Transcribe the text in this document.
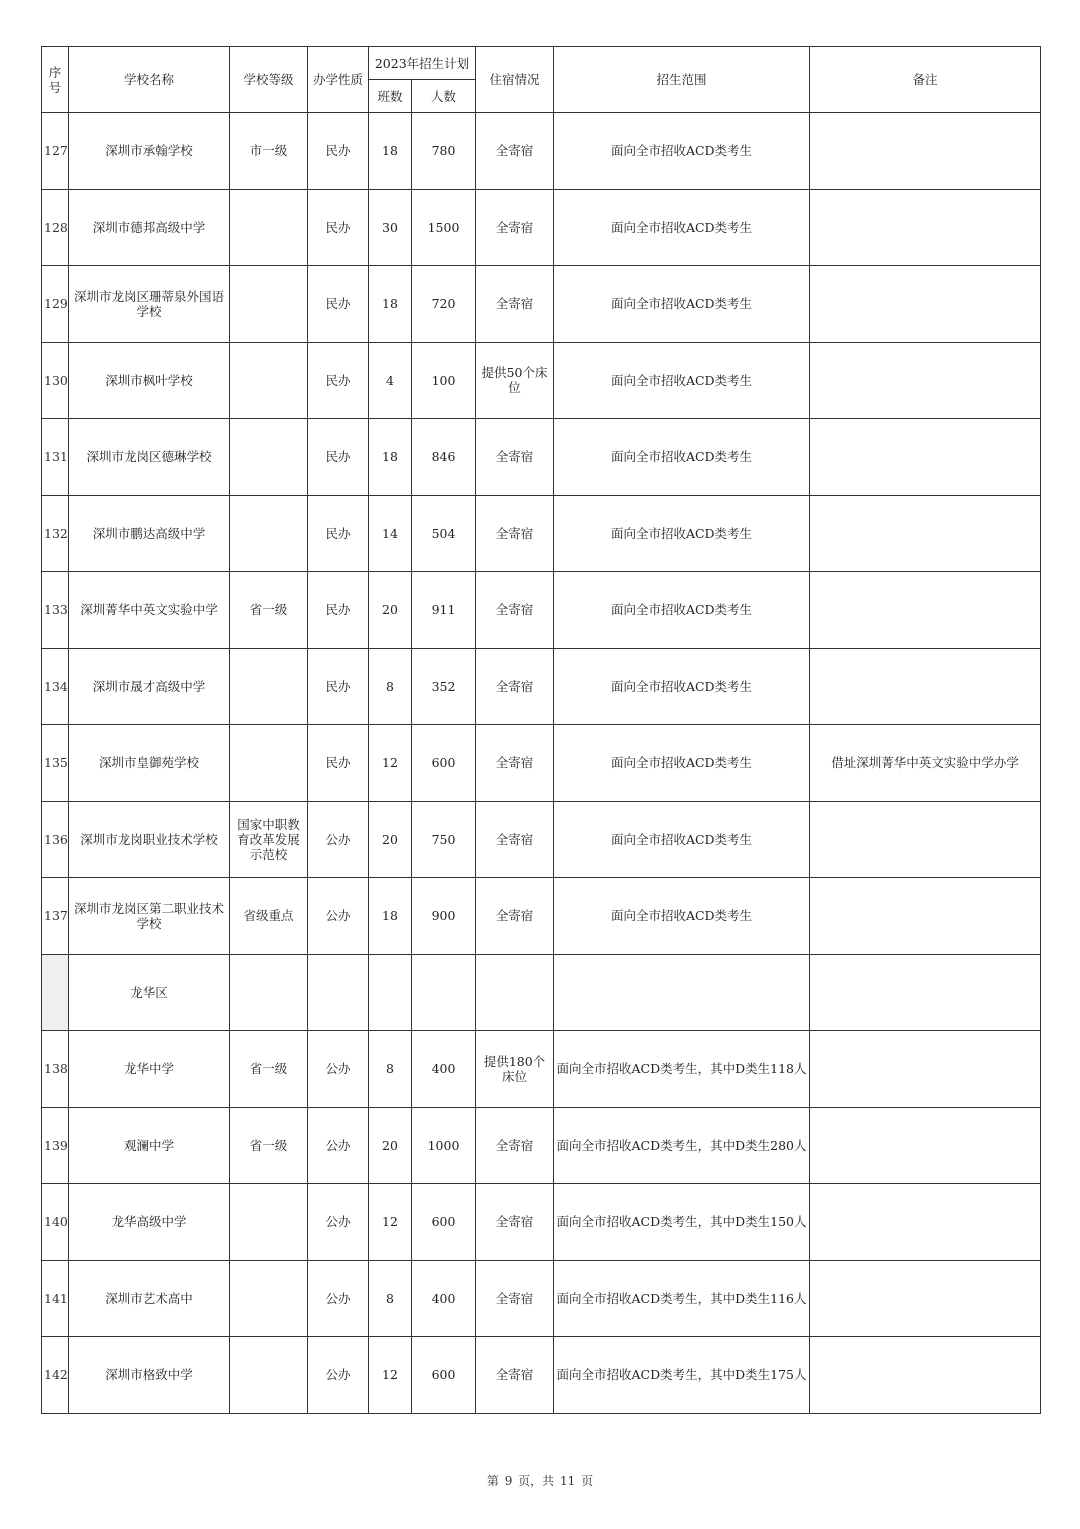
序号	学校名称	学校等级	办学性质	2023年招生计划		住宿情况	招生范围	备注
				班数	人数			
127	深圳市承翰学校	市一级	民办	18	780	全寄宿	面向全市招收ACD类考生	
128	深圳市德邦高级中学		民办	30	1500	全寄宿	面向全市招收ACD类考生	
129	深圳市龙岗区珊蒂泉外国语学校		民办	18	720	全寄宿	面向全市招收ACD类考生	
130	深圳市枫叶学校		民办	4	100	提供50个床位	面向全市招收ACD类考生	
131	深圳市龙岗区德琳学校		民办	18	846	全寄宿	面向全市招收ACD类考生	
132	深圳市鹏达高级中学		民办	14	504	全寄宿	面向全市招收ACD类考生	
133	深圳菁华中英文实验中学	省一级	民办	20	911	全寄宿	面向全市招收ACD类考生	
134	深圳市晟才高级中学		民办	8	352	全寄宿	面向全市招收ACD类考生	
135	深圳市皇御苑学校		民办	12	600	全寄宿	面向全市招收ACD类考生	借址深圳菁华中英文实验中学办学
136	深圳市龙岗职业技术学校	国家中职教育改革发展示范校	公办	20	750	全寄宿	面向全市招收ACD类考生	
137	深圳市龙岗区第二职业技术学校	省级重点	公办	18	900	全寄宿	面向全市招收ACD类考生	
	龙华区							
138	龙华中学	省一级	公办	8	400	提供180个床位	面向全市招收ACD类考生，其中D类生118人	
139	观澜中学	省一级	公办	20	1000	全寄宿	面向全市招收ACD类考生，其中D类生280人	
140	龙华高级中学		公办	12	600	全寄宿	面向全市招收ACD类考生，其中D类生150人	
141	深圳市艺术高中		公办	8	400	全寄宿	面向全市招收ACD类考生，其中D类生116人	
142	深圳市格致中学		公办	12	600	全寄宿	面向全市招收ACD类考生，其中D类生175人	
第 9 页，共 11 页
